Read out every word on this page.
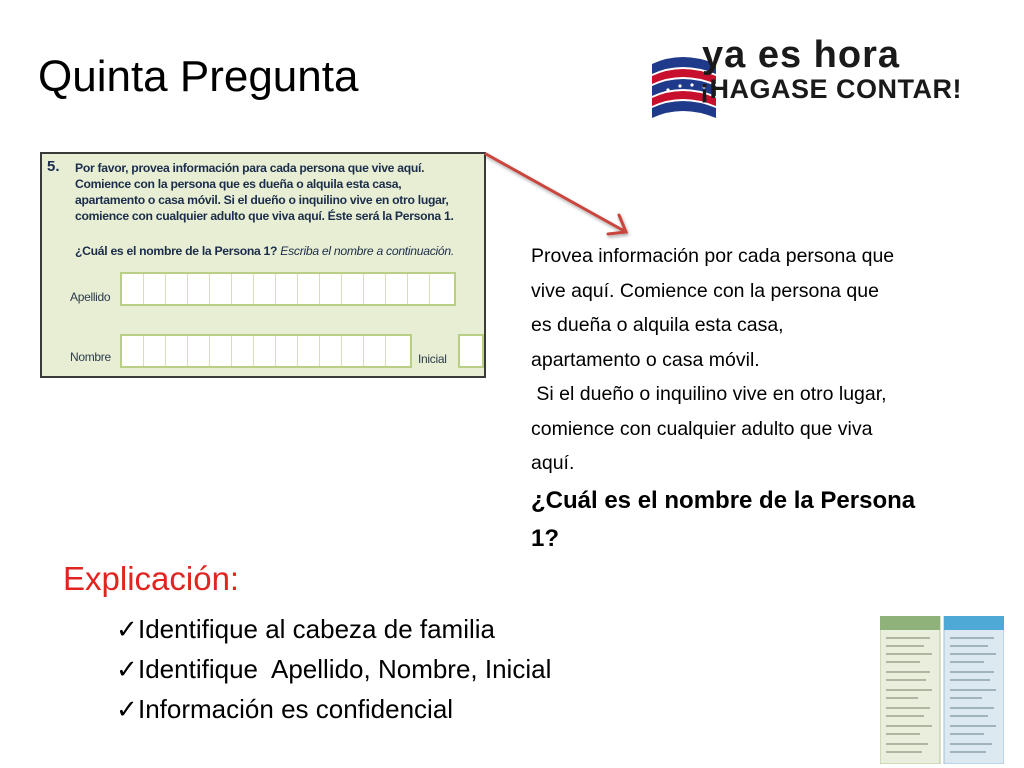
Quinta Pregunta	ya es hora
¡HAGASE CONTAR!
5. Por favor, provea información para cada persona que vive aquí.
Comience con la persona que es dueña o alquila esta casa,
apartamento o casa móvil. Si el dueño o inquilino vive en otro lugar,
comience con cualquier adulto que viva aquí. Éste será la Persona 1.
¿Cuál es el nombre de la Persona 1? Escriba el nombre a continuación.
Apellido
Nombre	Inicial
Provea información por cada persona que
vive aquí. Comience con la persona que
es dueña o alquila esta casa,
apartamento o casa móvil.
Si el dueño o inquilino vive en otro lugar,
comience con cualquier adulto que viva
aquí.
¿Cuál es el nombre de la Persona
1?
Explicación:
✓Identifique al cabeza de familia
✓Identifique  Apellido, Nombre, Inicial
✓Información es confidencial
